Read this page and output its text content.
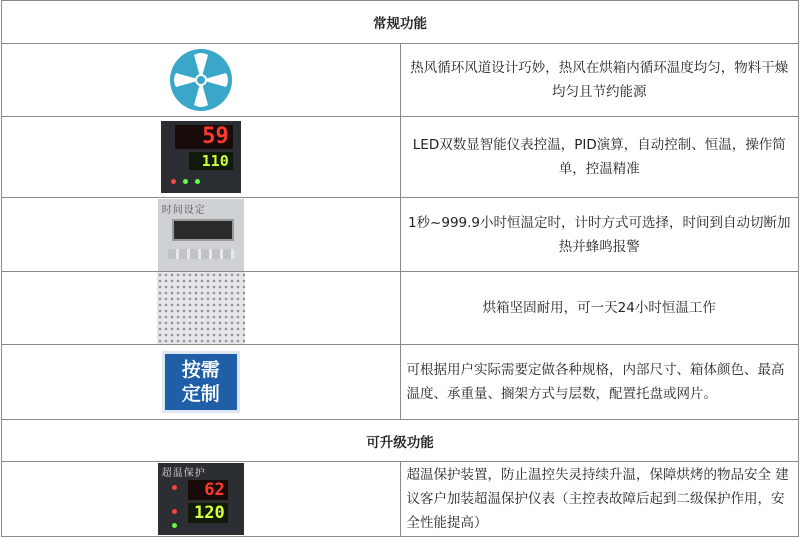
常规功能	

	热风循环风道设计巧妙，热风在烘箱内循环温度均匀，物料干燥均匀且节约能源

59
110	LED双数显智能仪表控温，PID演算，自动控制、恒温，操作简单，控温精准

时间设定	1秒~999.9小时恒温定时，计时方式可选择，时间到自动切断加热并蜂鸣报警

	烘箱坚固耐用，可一天24小时恒温工作

按需
定制	可根据用户实际需要定做各种规格，内部尺寸、箱体颜色、最高温度、承重量、搁架方式与层数，配置托盘或网片。
可升级功能	

超温保护
62
120	超温保护装置，防止温控失灵持续升温，保障烘烤的物品安全 建议客户加装超温保护仪表（主控表故障后起到二级保护作用，安全性能提高）
